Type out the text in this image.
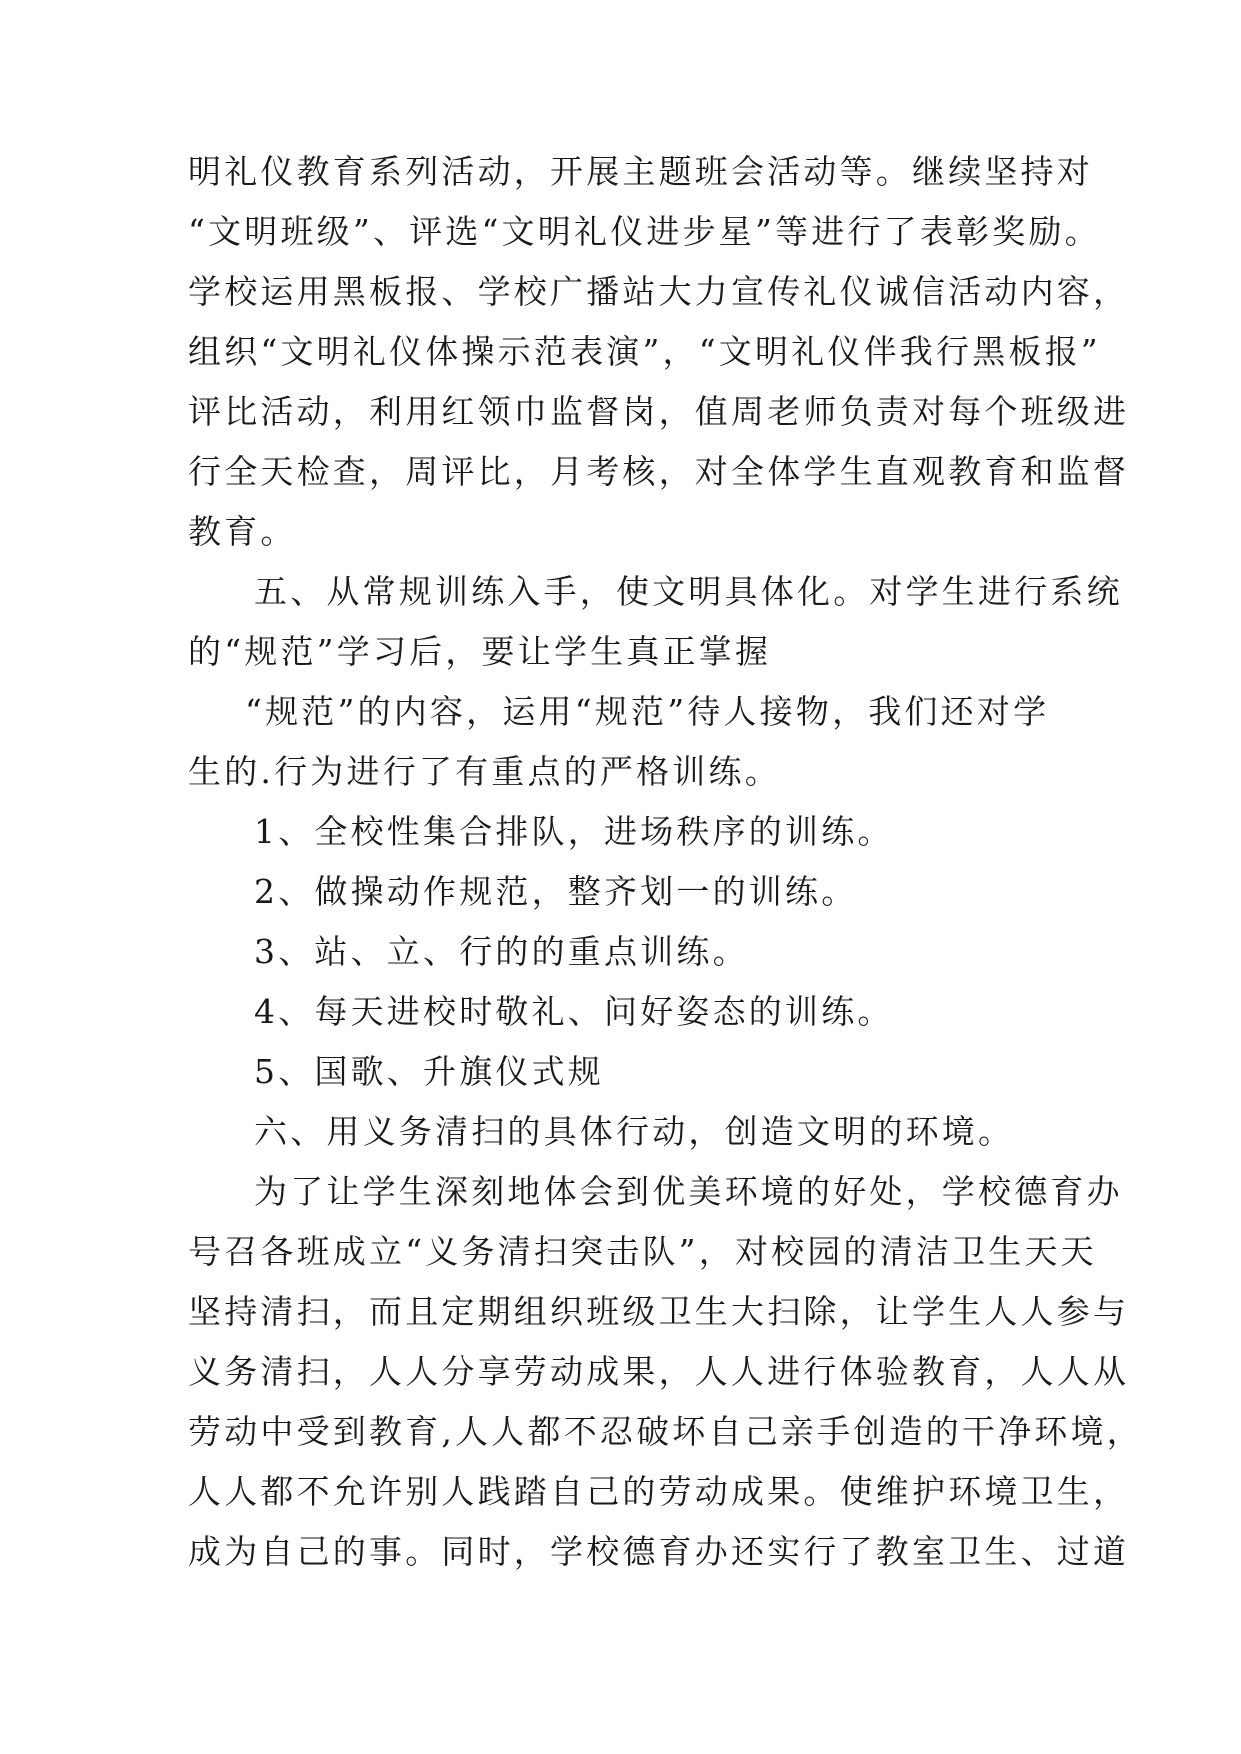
明礼仪教育系列活动，开展主题班会活动等。继续坚持对
“文明班级”、评选“文明礼仪进步星”等进行了表彰奖励。
学校运用黑板报、学校广播站大力宣传礼仪诚信活动内容，
组织“文明礼仪体操示范表演”，“文明礼仪伴我行黑板报”
评比活动，利用红领巾监督岗，值周老师负责对每个班级进
行全天检查，周评比，月考核，对全体学生直观教育和监督
教育。
五、从常规训练入手，使文明具体化。对学生进行系统
的“规范”学习后，要让学生真正掌握
“规范”的内容，运用“规范”待人接物，我们还对学
生的.行为进行了有重点的严格训练。
1、全校性集合排队，进场秩序的训练。
2、做操动作规范，整齐划一的训练。
3、站、立、行的的重点训练。
4、每天进校时敬礼、问好姿态的训练。
5、国歌、升旗仪式规
六、用义务清扫的具体行动，创造文明的环境。
为了让学生深刻地体会到优美环境的好处，学校德育办
号召各班成立“义务清扫突击队”，对校园的清洁卫生天天
坚持清扫，而且定期组织班级卫生大扫除，让学生人人参与
义务清扫，人人分享劳动成果，人人进行体验教育，人人从
劳动中受到教育,人人都不忍破坏自己亲手创造的干净环境，
人人都不允许别人践踏自己的劳动成果。使维护环境卫生，
成为自己的事。同时，学校德育办还实行了教室卫生、过道
